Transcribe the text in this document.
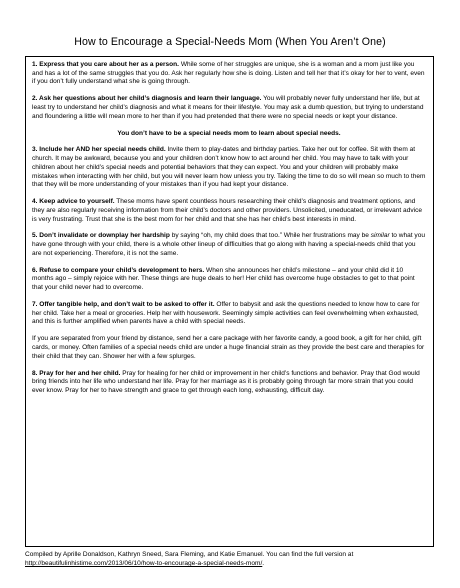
How to Encourage a Special-Needs Mom (When You Aren’t One)

1. Express that you care about her as a person. While some of her struggles are unique, she is a woman and a mom just like you and has a lot of the same struggles that you do. Ask her regularly how she is doing. Listen and tell her that it’s okay for her to vent, even if you don’t fully understand what she is going through.

2. Ask her questions about her child’s diagnosis and learn their language. You will probably never fully understand her life, but at least try to understand her child’s diagnosis and what it means for their lifestyle. You may ask a dumb question, but trying to understand and floundering a little will mean more to her than if you had pretended that there were no special needs or kept your distance.

You don’t have to be a special needs mom to learn about special needs.

3. Include her AND her special needs child. Invite them to play-dates and birthday parties. Take her out for coffee. Sit with them at church. It may be awkward, because you and your children don’t know how to act around her child. You may have to talk with your children about her child’s special needs and potential behaviors that they can expect. You and your children will probably make mistakes when interacting with her child, but you will never learn how unless you try. Taking the time to do so will mean so much to them that they will be more understanding of your mistakes than if you had kept your distance.

4. Keep advice to yourself. These moms have spent countless hours researching their child’s diagnosis and treatment options, and they are also regularly receiving information from their child’s doctors and other providers. Unsolicited, uneducated, or irrelevant advice is very frustrating. Trust that she is the best mom for her child and that she has her child’s best interests in mind.

5. Don’t invalidate or downplay her hardship by saying “oh, my child does that too.” While her frustrations may be similar to what you have gone through with your child, there is a whole other lineup of difficulties that go along with having a special-needs child that you are not experiencing. Therefore, it is not the same.

6. Refuse to compare your child’s development to hers. When she announces her child’s milestone – and your child did it 10 months ago – simply rejoice with her. These things are huge deals to her! Her child has overcome huge obstacles to get to that point that your child never had to overcome.

7. Offer tangible help, and don’t wait to be asked to offer it. Offer to babysit and ask the questions needed to know how to care for her child. Take her a meal or groceries. Help her with housework. Seemingly simple activities can feel overwhelming when exhausted, and this is further amplified when parents have a child with special needs.

If you are separated from your friend by distance, send her a care package with her favorite candy, a good book, a gift for her child, gift cards, or money. Often families of a special needs child are under a huge financial strain as they provide the best care and therapies for their child that they can. Shower her with a few splurges.

8. Pray for her and her child. Pray for healing for her child or improvement in her child’s functions and behavior. Pray that God would bring friends into her life who understand her life. Pray for her marriage as it is probably going through far more strain that you could ever know. Pray for her to have strength and grace to get through each long, exhausting, difficult day.

Compiled by Aprille Donaldson, Kathryn Sneed, Sara Fleming, and Katie Emanuel. You can find the full version at
http://beautifulinhistime.com/2013/06/10/how-to-encourage-a-special-needs-mom/.
